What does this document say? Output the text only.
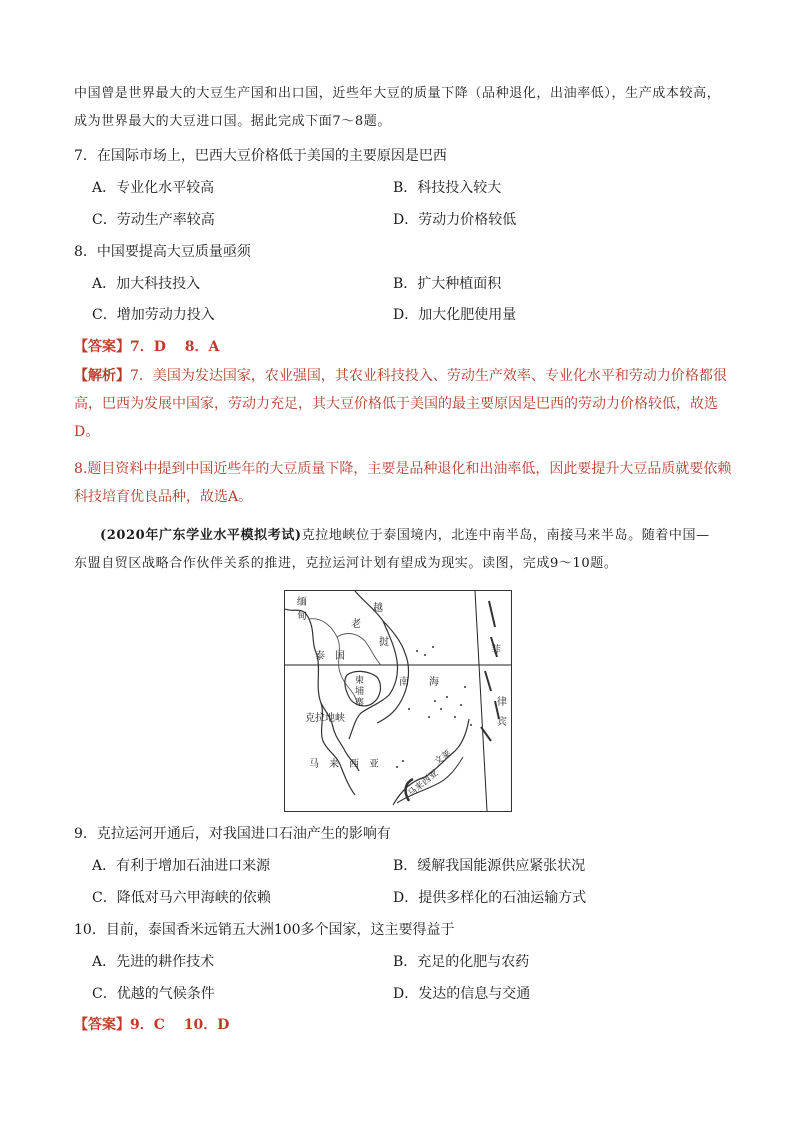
中国曾是世界最大的大豆生产国和出口国，近些年大豆的质量下降（品种退化，出油率低），生产成本较高，
成为世界最大的大豆进口国。据此完成下面7～8题。
7．在国际市场上，巴西大豆价格低于美国的主要原因是巴西
A．专业化水平较高	B．科技投入较大
C．劳动生产率较高	D．劳动力价格较低
8．中国要提高大豆质量亟须
A．加大科技投入	B．扩大种植面积
C．增加劳动力投入	D．加大化肥使用量
【答案】7．D　 8．A
【解析】7．美国为发达国家，农业强国，其农业科技投入、劳动生产效率、专业化水平和劳动力价格都很
高，巴西为发展中国家，劳动力充足，其大豆价格低于美国的最主要原因是巴西的劳动力价格较低，故选
D。
8.题目资料中提到中国近些年的大豆质量下降，主要是品种退化和出油率低，因此要提升大豆品质就要依赖
科技培育优良品种，故选A。
(2020年广东学业水平模拟考试)克拉地峡位于泰国境内，北连中南半岛，南接马来半岛。随着中国—
东盟自贸区战略合作伙伴关系的推进，克拉运河计划有望成为现实。读图，完成9～10题。
缅
甸
越
老
挝
泰　国
柬
埔
寨
克拉地峡
南　　海
菲
律
宾
马　来　西　亚	文莱
马来西亚
9．克拉运河开通后，对我国进口石油产生的影响有
A．有利于增加石油进口来源	B．缓解我国能源供应紧张状况
C．降低对马六甲海峡的依赖	D．提供多样化的石油运输方式
10．目前，泰国香米远销五大洲100多个国家，这主要得益于
A．先进的耕作技术	B．充足的化肥与农药
C．优越的气候条件	D．发达的信息与交通
【答案】9．C　 10．D
